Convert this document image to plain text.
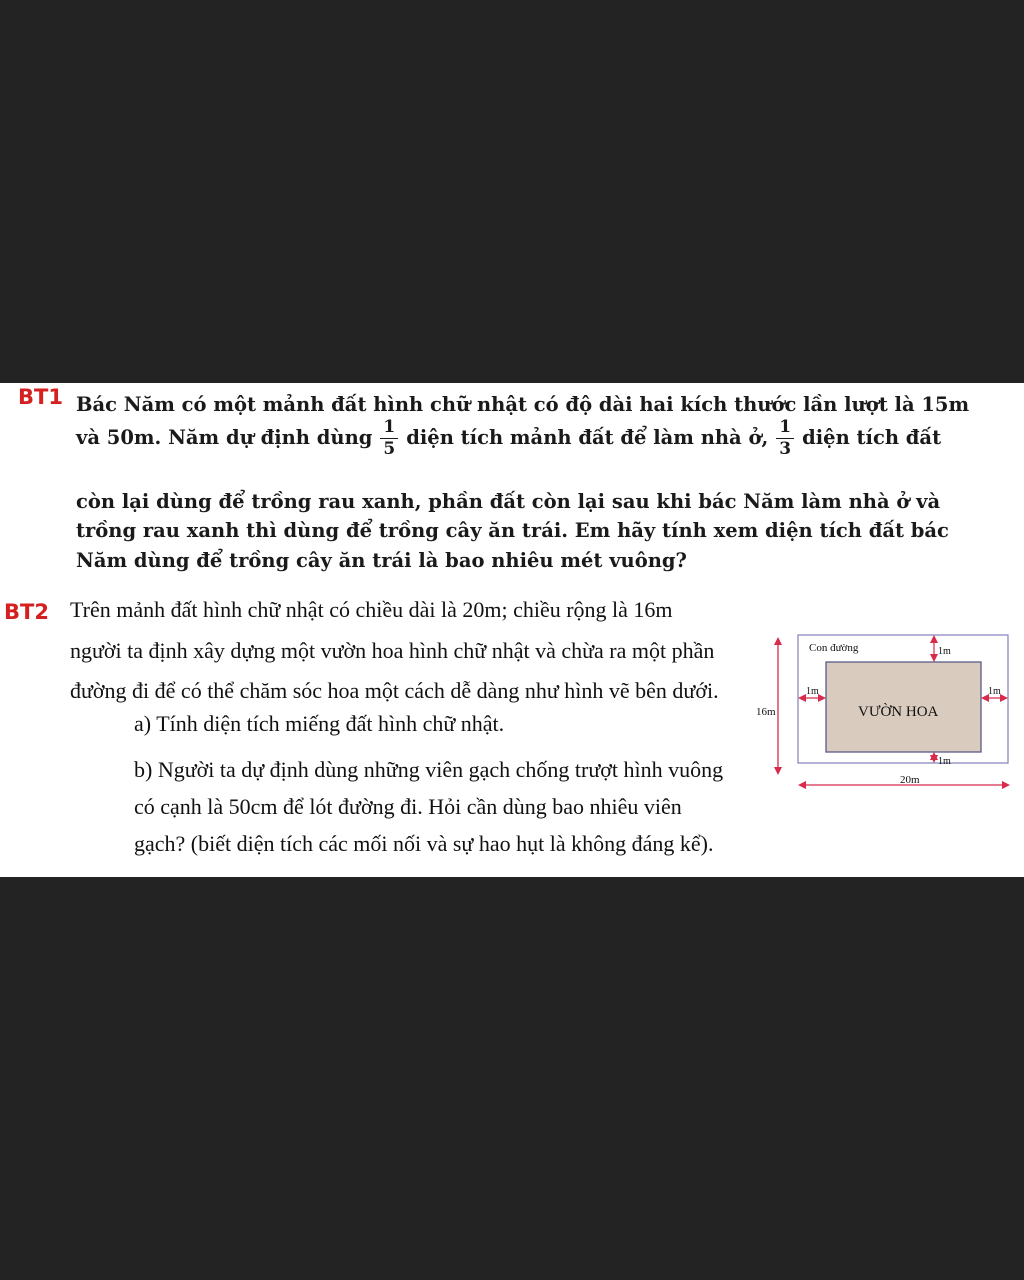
BT1 Bác Năm có một mảnh đất hình chữ nhật có độ dài hai kích thước lần lượt là 15m
và 50m. Năm dự định dùng $\frac{1}{5}$ diện tích mảnh đất để làm nhà ở, $\frac{1}{3}$ diện tích đất
còn lại dùng để trồng rau xanh, phần đất còn lại sau khi bác Năm làm nhà ở và
trồng rau xanh thì dùng để trồng cây ăn trái. Em hãy tính xem diện tích đất bác
Năm dùng để trồng cây ăn trái là bao nhiêu mét vuông?
BT2 Trên mảnh đất hình chữ nhật có chiều dài là 20m; chiều rộng là 16m
người ta định xây dựng một vườn hoa hình chữ nhật và chừa ra một phần
đường đi để có thể chăm sóc hoa một cách dễ dàng như hình vẽ bên dưới.
a) Tính diện tích miếng đất hình chữ nhật.
b) Người ta dự định dùng những viên gạch chống trượt hình vuông
có cạnh là 50cm để lót đường đi. Hỏi cần dùng bao nhiêu viên
gạch? (biết diện tích các mối nối và sự hao hụt là không đáng kể).
16m
20m
1m
1m
1m	1m
Con đường
VƯỜN HOA
